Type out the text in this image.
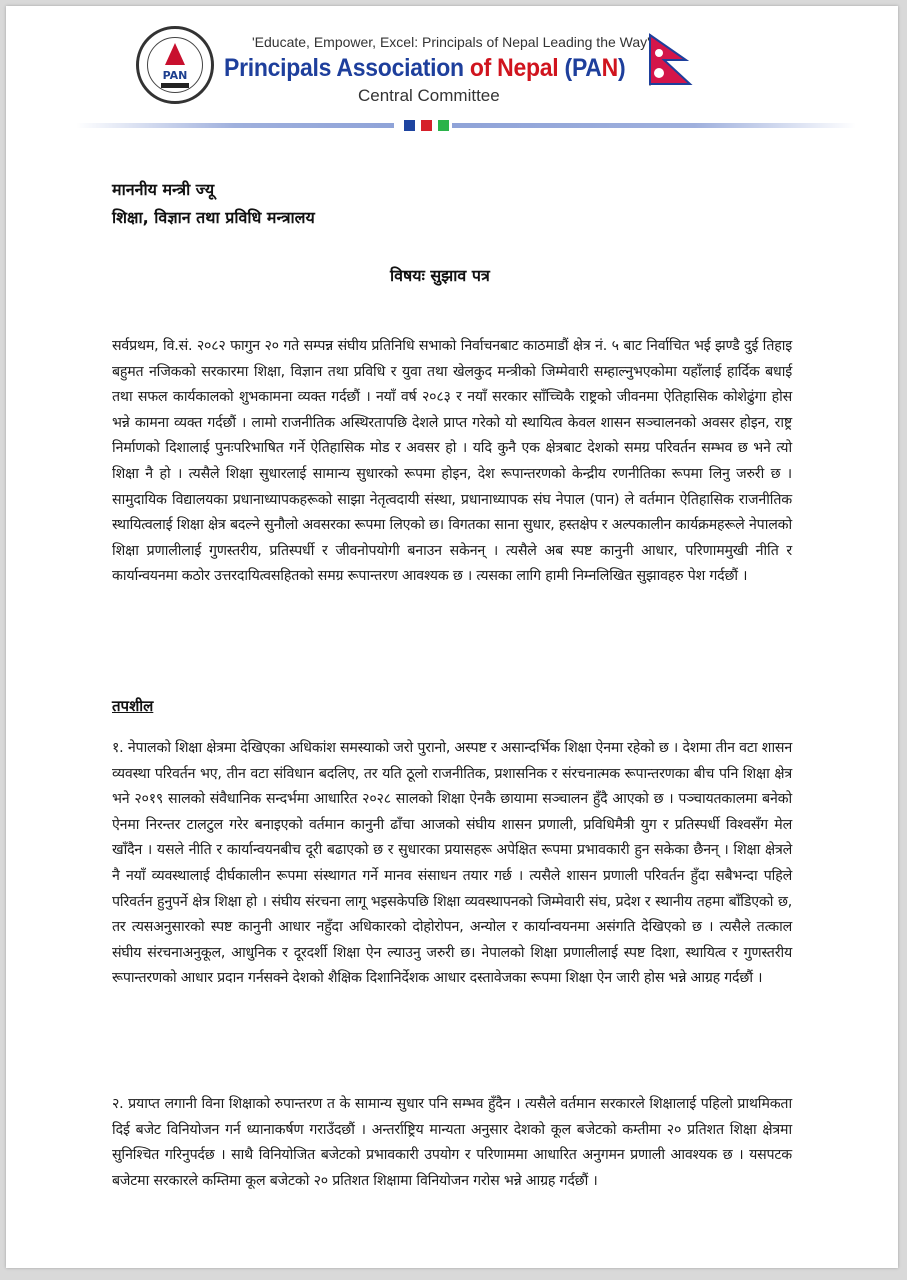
PAN
'Educate, Empower, Excel: Principals of Nepal Leading the Way'
Principals Association of Nepal (PAN)
Central Committee
माननीय मन्त्री ज्यू
शिक्षा, विज्ञान तथा प्रविधि मन्त्रालय
विषयः सुझाव पत्र
सर्वप्रथम, वि.सं. २०८२ फागुन २० गते सम्पन्न संघीय प्रतिनिधि सभाको निर्वाचनबाट काठमाडौं क्षेत्र नं. ५ बाट निर्वाचित भई झण्डै दुई तिहाइ बहुमत नजिकको सरकारमा शिक्षा, विज्ञान तथा प्रविधि र युवा तथा खेलकुद मन्त्रीको जिम्मेवारी सम्हाल्नुभएकोमा यहाँलाई हार्दिक बधाई तथा सफल कार्यकालको शुभकामना व्यक्त गर्दछौं । नयाँ वर्ष २०८३ र नयाँ सरकार साँच्चिकै राष्ट्रको जीवनमा ऐतिहासिक कोशेढुंगा होस भन्ने कामना व्यक्त गर्दछौं । लामो राजनीतिक अस्थिरतापछि देशले प्राप्त गरेको यो स्थायित्व केवल शासन सञ्चालनको अवसर होइन, राष्ट्र निर्माणको दिशालाई पुनःपरिभाषित गर्ने ऐतिहासिक मोड र अवसर हो । यदि कुनै एक क्षेत्रबाट देशको समग्र परिवर्तन सम्भव छ भने त्यो शिक्षा नै हो । त्यसैले शिक्षा सुधारलाई सामान्य सुधारको रूपमा होइन, देश रूपान्तरणको केन्द्रीय रणनीतिका रूपमा लिनु जरुरी छ । सामुदायिक विद्यालयका प्रधानाध्यापकहरूको साझा नेतृत्वदायी संस्था, प्रधानाध्यापक संघ नेपाल (पान) ले वर्तमान ऐतिहासिक राजनीतिक स्थायित्वलाई शिक्षा क्षेत्र बदल्ने सुनौलो अवसरका रूपमा लिएको छ। विगतका साना सुधार, हस्तक्षेप र अल्पकालीन कार्यक्रमहरूले नेपालको शिक्षा प्रणालीलाई गुणस्तरीय, प्रतिस्पर्धी र जीवनोपयोगी बनाउन सकेनन् । त्यसैले अब स्पष्ट कानुनी आधार, परिणाममुखी नीति र कार्यान्वयनमा कठोर उत्तरदायित्वसहितको समग्र रूपान्तरण आवश्यक छ । त्यसका लागि हामी निम्नलिखित सुझावहरु पेश गर्दछौं ।
तपशील
१. नेपालको शिक्षा क्षेत्रमा देखिएका अधिकांश समस्याको जरो पुरानो, अस्पष्ट र असान्दर्भिक शिक्षा ऐनमा रहेको छ । देशमा तीन वटा शासन व्यवस्था परिवर्तन भए, तीन वटा संविधान बदलिए, तर यति ठूलो राजनीतिक, प्रशासनिक र संरचनात्मक रूपान्तरणका बीच पनि शिक्षा क्षेत्र भने २०१९ सालको संवैधानिक सन्दर्भमा आधारित २०२८ सालको शिक्षा ऐनकै छायामा सञ्चालन हुँदै आएको छ । पञ्चायतकालमा बनेको ऐनमा निरन्तर टालटुल गरेर बनाइएको वर्तमान कानुनी ढाँचा आजको संघीय शासन प्रणाली, प्रविधिमैत्री युग र प्रतिस्पर्धी विश्वसँग मेल खाँदैन । यसले नीति र कार्यान्वयनबीच दूरी बढाएको छ र सुधारका प्रयासहरू अपेक्षित रूपमा प्रभावकारी हुन सकेका छैनन् । शिक्षा क्षेत्रले नै नयाँ व्यवस्थालाई दीर्घकालीन रूपमा संस्थागत गर्ने मानव संसाधन तयार गर्छ । त्यसैले शासन प्रणाली परिवर्तन हुँदा सबैभन्दा पहिले परिवर्तन हुनुपर्ने क्षेत्र शिक्षा हो । संघीय संरचना लागू भइसकेपछि शिक्षा व्यवस्थापनको जिम्मेवारी संघ, प्रदेश र स्थानीय तहमा बाँडिएको छ, तर त्यसअनुसारको स्पष्ट कानुनी आधार नहुँदा अधिकारको दोहोरोपन, अन्योल र कार्यान्वयनमा असंगति देखिएको छ । त्यसैले तत्काल संघीय संरचनाअनुकूल, आधुनिक र दूरदर्शी शिक्षा ऐन ल्याउनु जरुरी छ। नेपालको शिक्षा प्रणालीलाई स्पष्ट दिशा, स्थायित्व र गुणस्तरीय रूपान्तरणको आधार प्रदान गर्नसक्ने देशको शैक्षिक दिशानिर्देशक आधार दस्तावेजका रूपमा शिक्षा ऐन जारी होस भन्ने आग्रह गर्दछौं ।
२. प्रयाप्त लगानी विना शिक्षाको रुपान्तरण त के सामान्य सुधार पनि सम्भव हुँदैन । त्यसैले वर्तमान सरकारले शिक्षालाई पहिलो प्राथमिकता दिई बजेट विनियोजन गर्न ध्यानाकर्षण गराउँदछौं । अन्तर्राष्ट्रिय मान्यता अनुसार देशको कूल बजेटको कम्तीमा २० प्रतिशत शिक्षा क्षेत्रमा सुनिश्चित गरिनुपर्दछ । साथै विनियोजित बजेटको प्रभावकारी उपयोग र परिणाममा आधारित अनुगमन प्रणाली आवश्यक छ । यसपटक बजेटमा सरकारले कम्तिमा कूल बजेटको २० प्रतिशत शिक्षामा विनियोजन गरोस भन्ने आग्रह गर्दछौं ।
